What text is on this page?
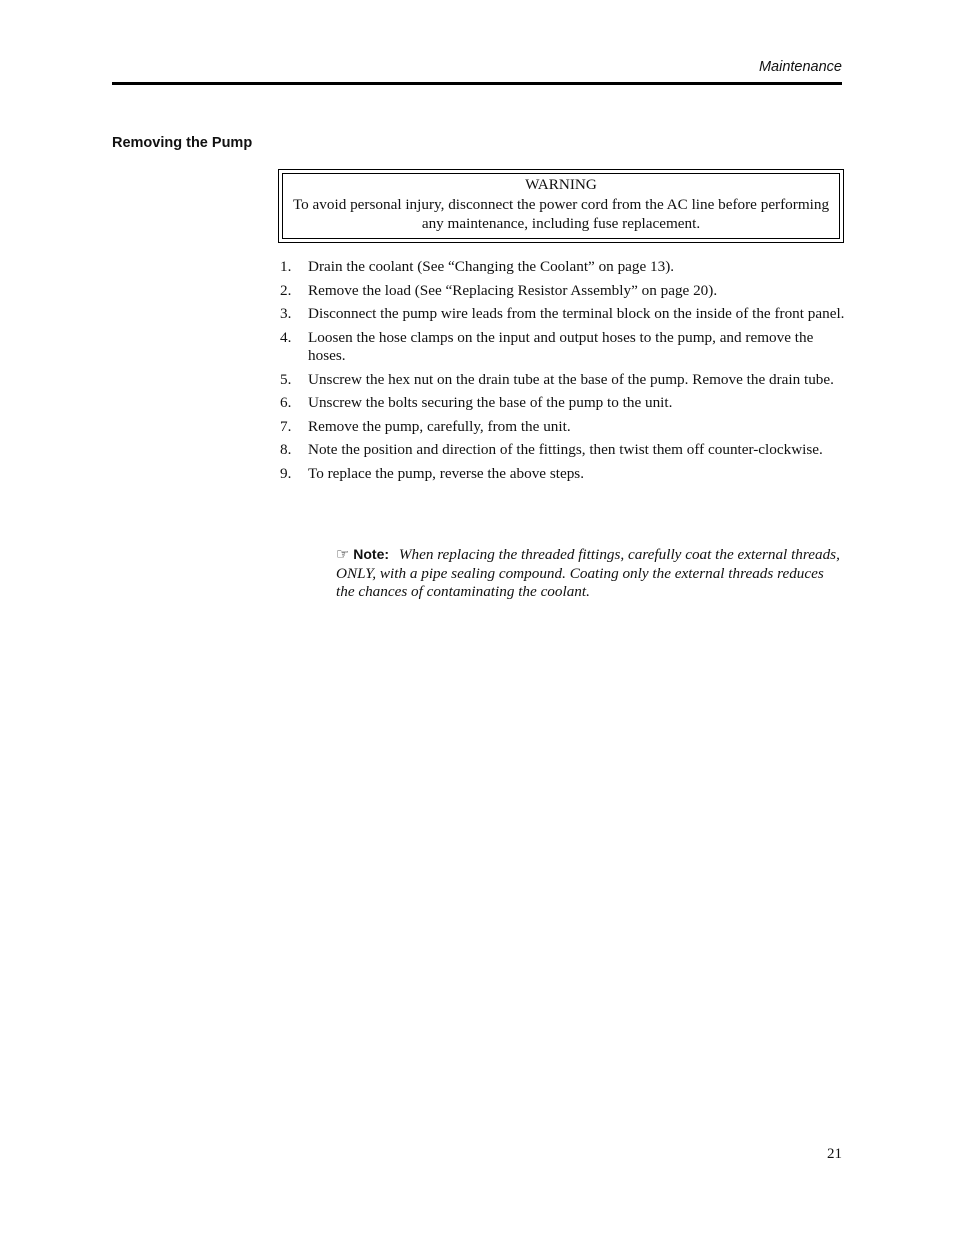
Maintenance
Removing the Pump
WARNING
To avoid personal injury, disconnect the power cord from the AC line before performing any maintenance, including fuse replacement.
1. Drain the coolant (See “Changing the Coolant” on page 13).
2. Remove the load (See “Replacing Resistor Assembly” on page 20).
3. Disconnect the pump wire leads from the terminal block on the inside of the front panel.
4. Loosen the hose clamps on the input and output hoses to the pump, and remove the hoses.
5. Unscrew the hex nut on the drain tube at the base of the pump. Remove the drain tube.
6. Unscrew the bolts securing the base of the pump to the unit.
7. Remove the pump, carefully, from the unit.
8. Note the position and direction of the fittings, then twist them off counter-clockwise.
9. To replace the pump, reverse the above steps.
☞ Note: When replacing the threaded fittings, carefully coat the external threads, ONLY, with a pipe sealing compound. Coating only the external threads reduces the chances of contaminating the coolant.
21
